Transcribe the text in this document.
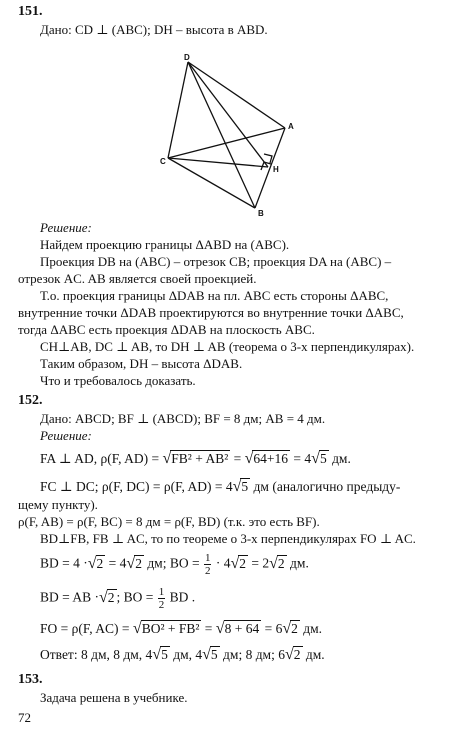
151.
Дано: CD ⊥ (ABC); DH – высота в ABD.
D
A
C
H
B
Решение:
Найдем проекцию границы ΔABD на (ABC).
Проекция DB на (ABC) – отрезок CB; проекция DA на (ABC) –
отрезок AC. AB является своей проекцией.
Т.о. проекция границы ΔDAB на пл. ABC есть стороны ΔABC,
внутренние точки ΔDAB проектируются во внутренние точки ΔABC,
тогда ΔABC есть проекция ΔDAB на плоскость ABC.
CH⊥AB, DC ⊥ AB, то DH ⊥ AB (теорема о 3-х перпендикулярах).
Таким образом, DH – высота ΔDAB.
Что и требовалось доказать.
152.
Дано: ABCD; BF ⊥ (ABCD); BF = 8 дм; AB = 4 дм.
Решение:
FA ⊥ AD, ρ(F, AD) = √FB² + AB² = √64+16 = 4√5 дм.
FC ⊥ DC; ρ(F, DC) = ρ(F, AD) = 4√5 дм (аналогично предыду-
щему пункту).
ρ(F, AB) = ρ(F, BC) = 8 дм = ρ(F, BD) (т.к. это есть BF).
BD⊥FB, FB ⊥ AC, то по теореме о 3-х перпендикулярах FO ⊥ AC.
BD = 4 ·√2 = 4√2 дм; BO = $\frac{1}{2} \cdot 4√2 = 2√2$ дм.
BD = AB ·√2 ; BO = $\frac{1}{2}$ BD .
FO = ρ(F, AC) = √BO² + FB² = √8 + 64 = 6√2 дм.
Ответ: 8 дм, 8 дм, 4√5 дм, 4√5 дм; 8 дм; 6√2 дм.
153.
Задача решена в учебнике.
72
